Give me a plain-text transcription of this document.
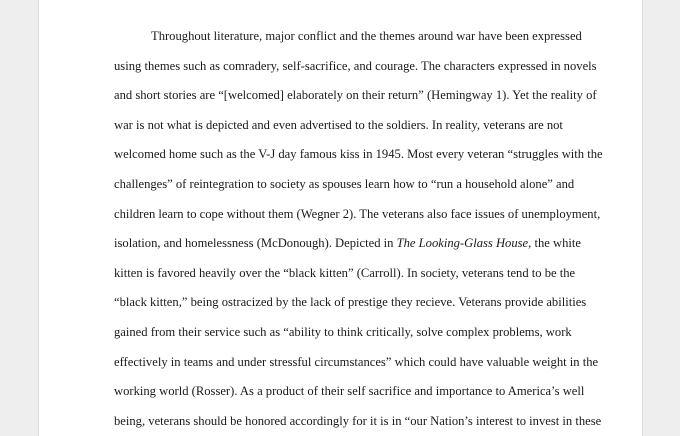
Throughout literature, major conflict and the themes around war have been expressed
using themes such as comradery, self-sacrifice, and courage. The characters expressed in novels
and short stories are “[welcomed] elaborately on their return” (Hemingway 1). Yet the reality of
war is not what is depicted and even advertised to the soldiers. In reality, veterans are not
welcomed home such as the V-J day famous kiss in 1945. Most every veteran “struggles with the
challenges” of reintegration to society as spouses learn how to “run a household alone” and
children learn to cope without them (Wegner 2). The veterans also face issues of unemployment,
isolation, and homelessness (McDonough). Depicted in The Looking-Glass House, the white
kitten is favored heavily over the “black kitten” (Carroll). In society, veterans tend to be the
“black kitten,” being ostracized by the lack of prestige they recieve. Veterans provide abilities
gained from their service such as “ability to think critically, solve complex problems, work
effectively in teams and under stressful circumstances” which could have valuable weight in the
working world (Rosser). As a product of their self sacrifice and importance to America’s well
being, veterans should be honored accordingly for it is in “our Nation’s interest to invest in these
